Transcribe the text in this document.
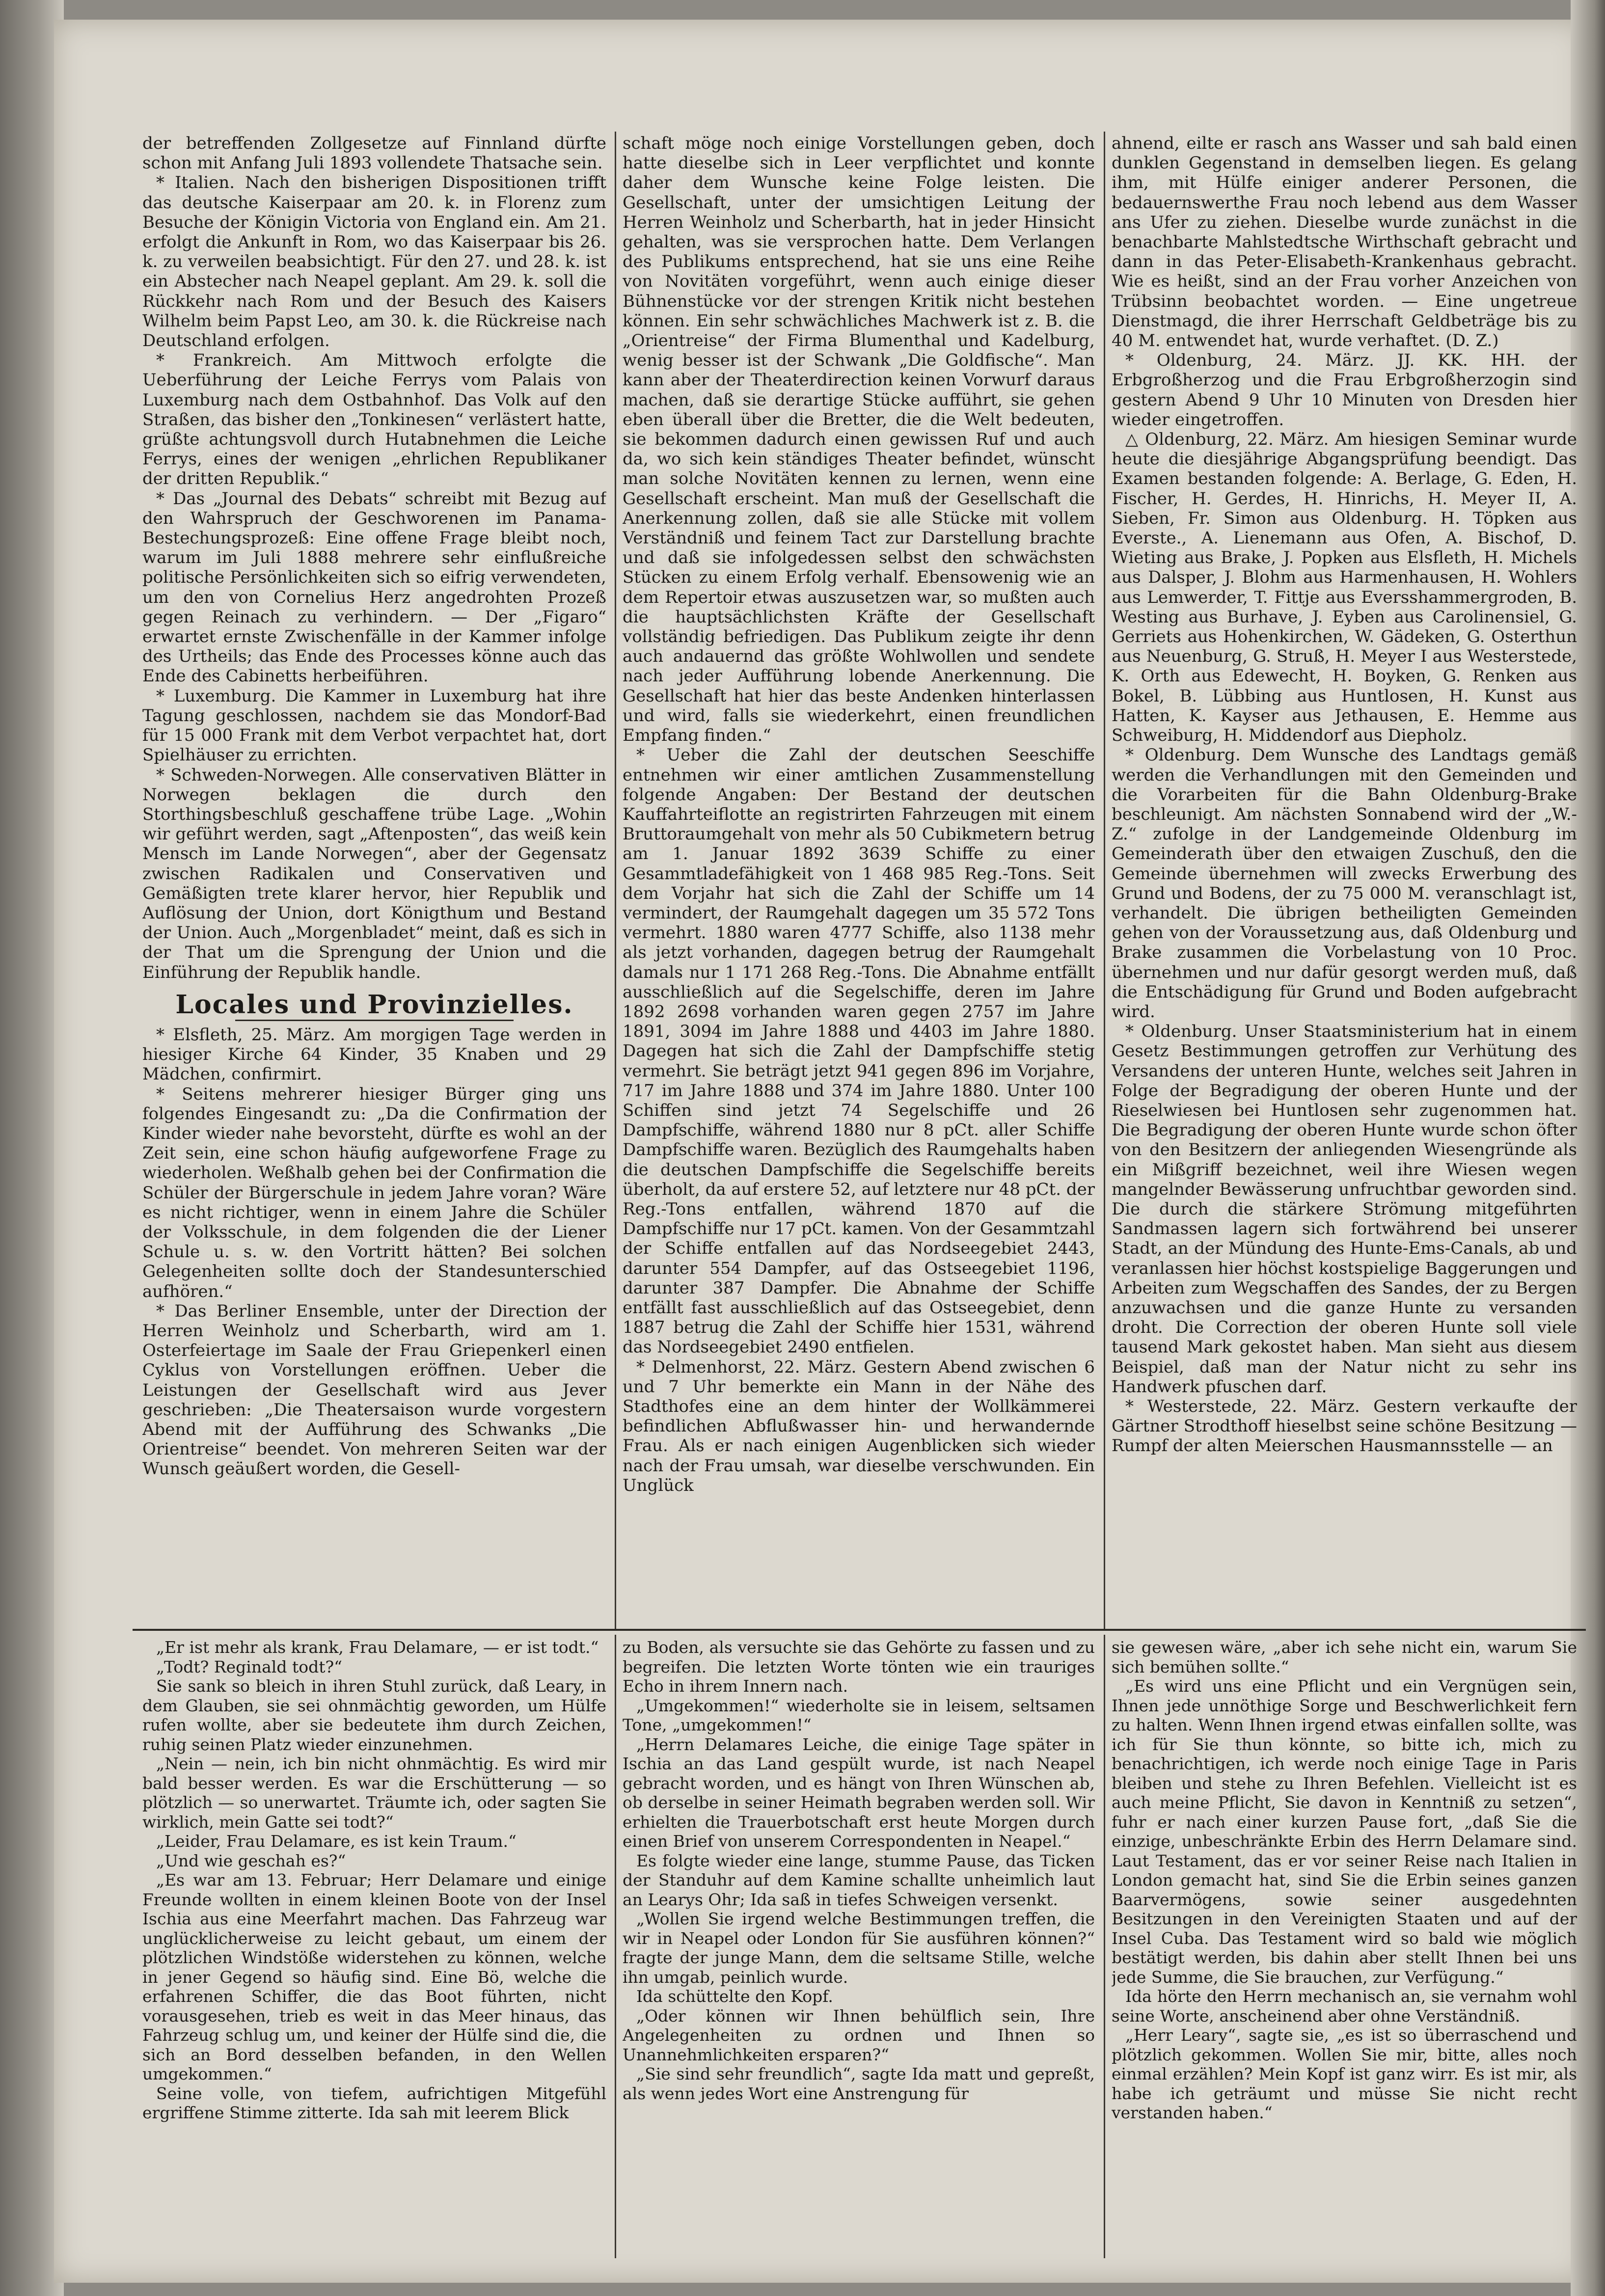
der betreffenden Zollgesetze auf Finnland dürfte schon mit Anfang Juli 1893 vollendete Thatsache sein.

* Italien. Nach den bisherigen Dispositionen trifft das deutsche Kaiserpaar am 20. k. in Florenz zum Besuche der Königin Victoria von England ein. Am 21. erfolgt die Ankunft in Rom, wo das Kaiserpaar bis 26. k. zu verweilen beabsichtigt. Für den 27. und 28. k. ist ein Abstecher nach Neapel geplant. Am 29. k. soll die Rückkehr nach Rom und der Besuch des Kaisers Wilhelm beim Papst Leo, am 30. k. die Rückreise nach Deutschland erfolgen.

* Frankreich. Am Mittwoch erfolgte die Ueberführung der Leiche Ferrys vom Palais von Luxemburg nach dem Ostbahnhof. Das Volk auf den Straßen, das bisher den „Tonkinesen“ verlästert hatte, grüßte achtungsvoll durch Hutabnehmen die Leiche Ferrys, eines der wenigen „ehrlichen Republikaner der dritten Republik.“

* Das „Journal des Debats“ schreibt mit Bezug auf den Wahrspruch der Geschworenen im Panama-Bestechungsprozeß: Eine offene Frage bleibt noch, warum im Juli 1888 mehrere sehr einflußreiche politische Persönlichkeiten sich so eifrig verwendeten, um den von Cornelius Herz angedrohten Prozeß gegen Reinach zu verhindern. — Der „Figaro“ erwartet ernste Zwischenfälle in der Kammer infolge des Urtheils; das Ende des Processes könne auch das Ende des Cabinetts herbeiführen.

* Luxemburg. Die Kammer in Luxemburg hat ihre Tagung geschlossen, nachdem sie das Mondorf-Bad für 15 000 Frank mit dem Verbot verpachtet hat, dort Spielhäuser zu errichten.

* Schweden-Norwegen. Alle conservativen Blätter in Norwegen beklagen die durch den Storthingsbeschluß geschaffene trübe Lage. „Wohin wir geführt werden, sagt „Aftenposten“, das weiß kein Mensch im Lande Norwegen“, aber der Gegensatz zwischen Radikalen und Conservativen und Gemäßigten trete klarer hervor, hier Republik und Auflösung der Union, dort Königthum und Bestand der Union. Auch „Morgenbladet“ meint, daß es sich in der That um die Sprengung der Union und die Einführung der Republik handle.

Locales und Provinzielles.

* Elsfleth, 25. März. Am morgigen Tage werden in hiesiger Kirche 64 Kinder, 35 Knaben und 29 Mädchen, confirmirt.

* Seitens mehrerer hiesiger Bürger ging uns folgendes Eingesandt zu: „Da die Confirmation der Kinder wieder nahe bevorsteht, dürfte es wohl an der Zeit sein, eine schon häufig aufgeworfene Frage zu wiederholen. Weßhalb gehen bei der Confirmation die Schüler der Bürgerschule in jedem Jahre voran? Wäre es nicht richtiger, wenn in einem Jahre die Schüler der Volksschule, in dem folgenden die der Liener Schule u. s. w. den Vortritt hätten? Bei solchen Gelegenheiten sollte doch der Standesunterschied aufhören.“

* Das Berliner Ensemble, unter der Direction der Herren Weinholz und Scherbarth, wird am 1. Osterfeiertage im Saale der Frau Griepenkerl einen Cyklus von Vorstellungen eröffnen. Ueber die Leistungen der Gesellschaft wird aus Jever geschrieben: „Die Theatersaison wurde vorgestern Abend mit der Aufführung des Schwanks „Die Orientreise“ beendet. Von mehreren Seiten war der Wunsch geäußert worden, die Gesell-

schaft möge noch einige Vorstellungen geben, doch hatte dieselbe sich in Leer verpflichtet und konnte daher dem Wunsche keine Folge leisten. Die Gesellschaft, unter der umsichtigen Leitung der Herren Weinholz und Scherbarth, hat in jeder Hinsicht gehalten, was sie versprochen hatte. Dem Verlangen des Publikums entsprechend, hat sie uns eine Reihe von Novitäten vorgeführt, wenn auch einige dieser Bühnenstücke vor der strengen Kritik nicht bestehen können. Ein sehr schwächliches Machwerk ist z. B. die „Orientreise“ der Firma Blumenthal und Kadelburg, wenig besser ist der Schwank „Die Goldfische“. Man kann aber der Theaterdirection keinen Vorwurf daraus machen, daß sie derartige Stücke aufführt, sie gehen eben überall über die Bretter, die die Welt bedeuten, sie bekommen dadurch einen gewissen Ruf und auch da, wo sich kein ständiges Theater befindet, wünscht man solche Novitäten kennen zu lernen, wenn eine Gesellschaft erscheint. Man muß der Gesellschaft die Anerkennung zollen, daß sie alle Stücke mit vollem Verständniß und feinem Tact zur Darstellung brachte und daß sie infolgedessen selbst den schwächsten Stücken zu einem Erfolg verhalf. Ebensowenig wie an dem Repertoir etwas auszusetzen war, so mußten auch die hauptsächlichsten Kräfte der Gesellschaft vollständig befriedigen. Das Publikum zeigte ihr denn auch andauernd das größte Wohlwollen und sendete nach jeder Aufführung lobende Anerkennung. Die Gesellschaft hat hier das beste Andenken hinterlassen und wird, falls sie wiederkehrt, einen freundlichen Empfang finden.“

* Ueber die Zahl der deutschen Seeschiffe entnehmen wir einer amtlichen Zusammenstellung folgende Angaben: Der Bestand der deutschen Kauffahrteiflotte an registrirten Fahrzeugen mit einem Bruttoraumgehalt von mehr als 50 Cubikmetern betrug am 1. Januar 1892 3639 Schiffe zu einer Gesammtladefähigkeit von 1 468 985 Reg.-Tons. Seit dem Vorjahr hat sich die Zahl der Schiffe um 14 vermindert, der Raumgehalt dagegen um 35 572 Tons vermehrt. 1880 waren 4777 Schiffe, also 1138 mehr als jetzt vorhanden, dagegen betrug der Raumgehalt damals nur 1 171 268 Reg.-Tons. Die Abnahme entfällt ausschließlich auf die Segelschiffe, deren im Jahre 1892 2698 vorhanden waren gegen 2757 im Jahre 1891, 3094 im Jahre 1888 und 4403 im Jahre 1880. Dagegen hat sich die Zahl der Dampfschiffe stetig vermehrt. Sie beträgt jetzt 941 gegen 896 im Vorjahre, 717 im Jahre 1888 und 374 im Jahre 1880. Unter 100 Schiffen sind jetzt 74 Segelschiffe und 26 Dampfschiffe, während 1880 nur 8 pCt. aller Schiffe Dampfschiffe waren. Bezüglich des Raumgehalts haben die deutschen Dampfschiffe die Segelschiffe bereits überholt, da auf erstere 52, auf letztere nur 48 pCt. der Reg.-Tons entfallen, während 1870 auf die Dampfschiffe nur 17 pCt. kamen. Von der Gesammtzahl der Schiffe entfallen auf das Nordseegebiet 2443, darunter 554 Dampfer, auf das Ostseegebiet 1196, darunter 387 Dampfer. Die Abnahme der Schiffe entfällt fast ausschließlich auf das Ostseegebiet, denn 1887 betrug die Zahl der Schiffe hier 1531, während das Nordseegebiet 2490 entfielen.

* Delmenhorst, 22. März. Gestern Abend zwischen 6 und 7 Uhr bemerkte ein Mann in der Nähe des Stadthofes eine an dem hinter der Wollkämmerei befindlichen Abflußwasser hin- und herwandernde Frau. Als er nach einigen Augenblicken sich wieder nach der Frau umsah, war dieselbe verschwunden. Ein Unglück

ahnend, eilte er rasch ans Wasser und sah bald einen dunklen Gegenstand in demselben liegen. Es gelang ihm, mit Hülfe einiger anderer Personen, die bedauernswerthe Frau noch lebend aus dem Wasser ans Ufer zu ziehen. Dieselbe wurde zunächst in die benachbarte Mahlstedtsche Wirthschaft gebracht und dann in das Peter-Elisabeth-Krankenhaus gebracht. Wie es heißt, sind an der Frau vorher Anzeichen von Trübsinn beobachtet worden. — Eine ungetreue Dienstmagd, die ihrer Herrschaft Geldbeträge bis zu 40 M. entwendet hat, wurde verhaftet. (D. Z.)

* Oldenburg, 24. März. JJ. KK. HH. der Erbgroßherzog und die Frau Erbgroßherzogin sind gestern Abend 9 Uhr 10 Minuten von Dresden hier wieder eingetroffen.

△ Oldenburg, 22. März. Am hiesigen Seminar wurde heute die diesjährige Abgangsprüfung beendigt. Das Examen bestanden folgende: A. Berlage, G. Eden, H. Fischer, H. Gerdes, H. Hinrichs, H. Meyer II, A. Sieben, Fr. Simon aus Oldenburg. H. Töpken aus Everste., A. Lienemann aus Ofen, A. Bischof, D. Wieting aus Brake, J. Popken aus Elsfleth, H. Michels aus Dalsper, J. Blohm aus Harmenhausen, H. Wohlers aus Lemwerder, T. Fittje aus Eversshammergroden, B. Westing aus Burhave, J. Eyben aus Carolinensiel, G. Gerriets aus Hohenkirchen, W. Gädeken, G. Osterthun aus Neuenburg, G. Struß, H. Meyer I aus Westerstede, K. Orth aus Edewecht, H. Boyken, G. Renken aus Bokel, B. Lübbing aus Huntlosen, H. Kunst aus Hatten, K. Kayser aus Jethausen, E. Hemme aus Schweiburg, H. Middendorf aus Diepholz.

* Oldenburg. Dem Wunsche des Landtags gemäß werden die Verhandlungen mit den Gemeinden und die Vorarbeiten für die Bahn Oldenburg-Brake beschleunigt. Am nächsten Sonnabend wird der „W.-Z.“ zufolge in der Landgemeinde Oldenburg im Gemeinderath über den etwaigen Zuschuß, den die Gemeinde übernehmen will zwecks Erwerbung des Grund und Bodens, der zu 75 000 M. veranschlagt ist, verhandelt. Die übrigen betheiligten Gemeinden gehen von der Voraussetzung aus, daß Oldenburg und Brake zusammen die Vorbelastung von 10 Proc. übernehmen und nur dafür gesorgt werden muß, daß die Entschädigung für Grund und Boden aufgebracht wird.

* Oldenburg. Unser Staatsministerium hat in einem Gesetz Bestimmungen getroffen zur Verhütung des Versandens der unteren Hunte, welches seit Jahren in Folge der Begradigung der oberen Hunte und der Rieselwiesen bei Huntlosen sehr zugenommen hat. Die Begradigung der oberen Hunte wurde schon öfter von den Besitzern der anliegenden Wiesengründe als ein Mißgriff bezeichnet, weil ihre Wiesen wegen mangelnder Bewässerung unfruchtbar geworden sind. Die durch die stärkere Strömung mitgeführten Sandmassen lagern sich fortwährend bei unserer Stadt, an der Mündung des Hunte-Ems-Canals, ab und veranlassen hier höchst kostspielige Baggerungen und Arbeiten zum Wegschaffen des Sandes, der zu Bergen anzuwachsen und die ganze Hunte zu versanden droht. Die Correction der oberen Hunte soll viele tausend Mark gekostet haben. Man sieht aus diesem Beispiel, daß man der Natur nicht zu sehr ins Handwerk pfuschen darf.

* Westerstede, 22. März. Gestern verkaufte der Gärtner Strodthoff hieselbst seine schöne Besitzung — Rumpf der alten Meierschen Hausmannsstelle — an

„Er ist mehr als krank, Frau Delamare, — er ist todt.“

„Todt? Reginald todt?“

Sie sank so bleich in ihren Stuhl zurück, daß Leary, in dem Glauben, sie sei ohnmächtig geworden, um Hülfe rufen wollte, aber sie bedeutete ihm durch Zeichen, ruhig seinen Platz wieder einzunehmen.

„Nein — nein, ich bin nicht ohnmächtig. Es wird mir bald besser werden. Es war die Erschütterung — so plötzlich — so unerwartet. Träumte ich, oder sagten Sie wirklich, mein Gatte sei todt?“

„Leider, Frau Delamare, es ist kein Traum.“

„Und wie geschah es?“

„Es war am 13. Februar; Herr Delamare und einige Freunde wollten in einem kleinen Boote von der Insel Ischia aus eine Meerfahrt machen. Das Fahrzeug war unglücklicherweise zu leicht gebaut, um einem der plötzlichen Windstöße widerstehen zu können, welche in jener Gegend so häufig sind. Eine Bö, welche die erfahrenen Schiffer, die das Boot führten, nicht vorausgesehen, trieb es weit in das Meer hinaus, das Fahrzeug schlug um, und keiner der Hülfe sind die, die sich an Bord desselben befanden, in den Wellen umgekommen.“

Seine volle, von tiefem, aufrichtigen Mitgefühl ergriffene Stimme zitterte. Ida sah mit leerem Blick

zu Boden, als versuchte sie das Gehörte zu fassen und zu begreifen. Die letzten Worte tönten wie ein trauriges Echo in ihrem Innern nach.

„Umgekommen!“ wiederholte sie in leisem, seltsamen Tone, „umgekommen!“

„Herrn Delamares Leiche, die einige Tage später in Ischia an das Land gespült wurde, ist nach Neapel gebracht worden, und es hängt von Ihren Wünschen ab, ob derselbe in seiner Heimath begraben werden soll. Wir erhielten die Trauerbotschaft erst heute Morgen durch einen Brief von unserem Correspondenten in Neapel.“

Es folgte wieder eine lange, stumme Pause, das Ticken der Standuhr auf dem Kamine schallte unheimlich laut an Learys Ohr; Ida saß in tiefes Schweigen versenkt.

„Wollen Sie irgend welche Bestimmungen treffen, die wir in Neapel oder London für Sie ausführen können?“ fragte der junge Mann, dem die seltsame Stille, welche ihn umgab, peinlich wurde.

Ida schüttelte den Kopf.

„Oder können wir Ihnen behülflich sein, Ihre Angelegenheiten zu ordnen und Ihnen so Unannehmlichkeiten ersparen?“

„Sie sind sehr freundlich“, sagte Ida matt und gepreßt, als wenn jedes Wort eine Anstrengung für

sie gewesen wäre, „aber ich sehe nicht ein, warum Sie sich bemühen sollte.“

„Es wird uns eine Pflicht und ein Vergnügen sein, Ihnen jede unnöthige Sorge und Beschwerlichkeit fern zu halten. Wenn Ihnen irgend etwas einfallen sollte, was ich für Sie thun könnte, so bitte ich, mich zu benachrichtigen, ich werde noch einige Tage in Paris bleiben und stehe zu Ihren Befehlen. Vielleicht ist es auch meine Pflicht, Sie davon in Kenntniß zu setzen“, fuhr er nach einer kurzen Pause fort, „daß Sie die einzige, unbeschränkte Erbin des Herrn Delamare sind. Laut Testament, das er vor seiner Reise nach Italien in London gemacht hat, sind Sie die Erbin seines ganzen Baarvermögens, sowie seiner ausgedehnten Besitzungen in den Vereinigten Staaten und auf der Insel Cuba. Das Testament wird so bald wie möglich bestätigt werden, bis dahin aber stellt Ihnen bei uns jede Summe, die Sie brauchen, zur Verfügung.“

Ida hörte den Herrn mechanisch an, sie vernahm wohl seine Worte, anscheinend aber ohne Verständniß.

„Herr Leary“, sagte sie, „es ist so überraschend und plötzlich gekommen. Wollen Sie mir, bitte, alles noch einmal erzählen? Mein Kopf ist ganz wirr. Es ist mir, als habe ich geträumt und müsse Sie nicht recht verstanden haben.“
